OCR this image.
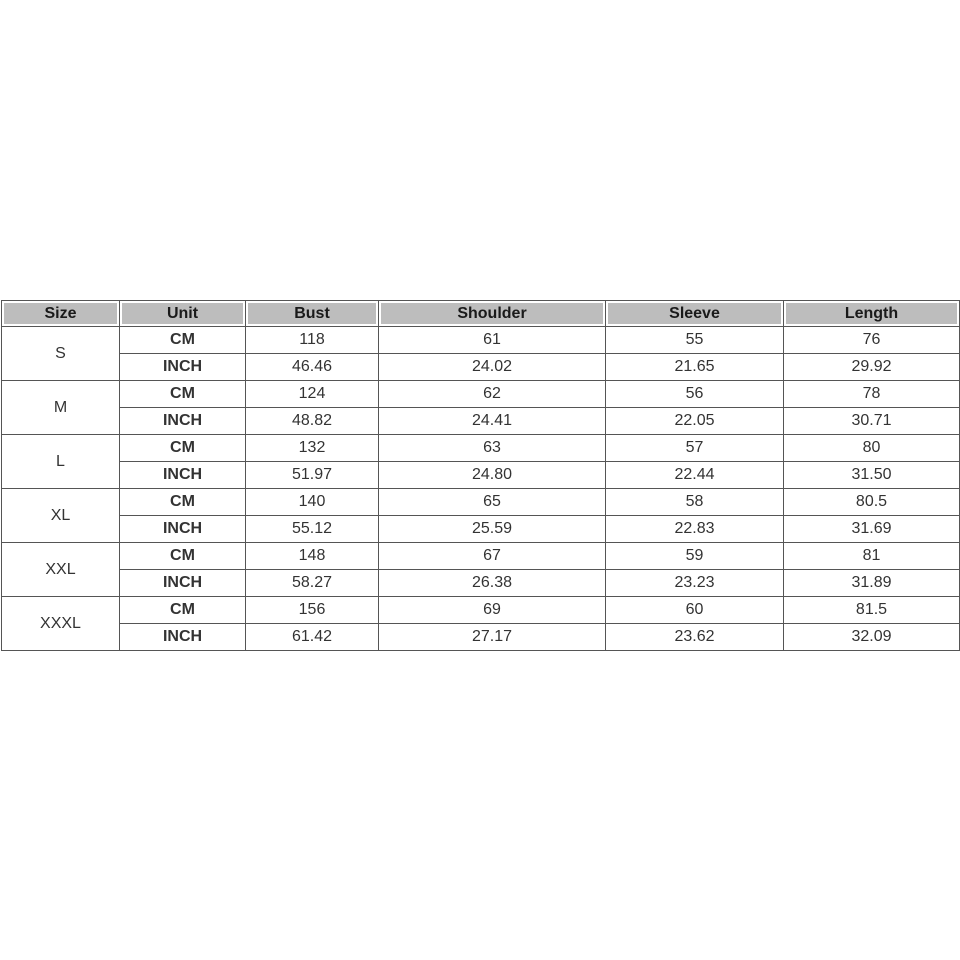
Size	Unit	Bust	Shoulder	Sleeve	Length
S	CM	118	61	55	76
	INCH	46.46	24.02	21.65	29.92
M	CM	124	62	56	78
	INCH	48.82	24.41	22.05	30.71
L	CM	132	63	57	80
	INCH	51.97	24.80	22.44	31.50
XL	CM	140	65	58	80.5
	INCH	55.12	25.59	22.83	31.69
XXL	CM	148	67	59	81
	INCH	58.27	26.38	23.23	31.89
XXXL	CM	156	69	60	81.5
	INCH	61.42	27.17	23.62	32.09
